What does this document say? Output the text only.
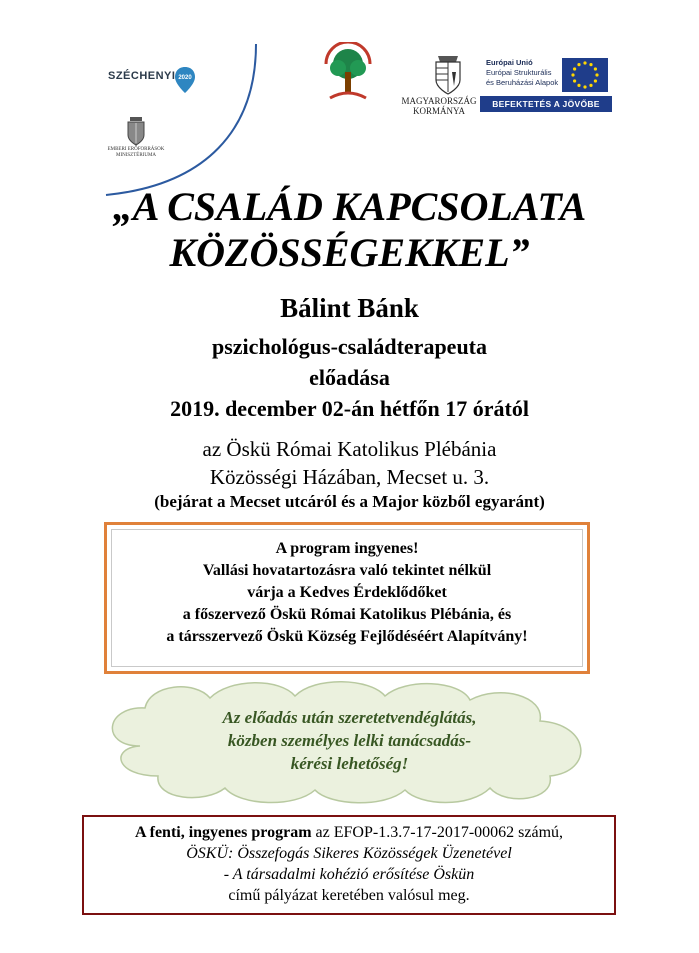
SZÉCHENYI 2020
EMBERI ERŐFORRÁSOK MINISZTÉRIUMA
MAGYARORSZÁG
KORMÁNYA
Európai Unió
Európai Strukturális
és Beruházási Alapok
BEFEKTETÉS A JÖVŐBE
„A CSALÁD KAPCSOLATA
KÖZÖSSÉGEKKEL”
Bálint Bánk
pszichológus-családterapeuta
előadása
2019. december 02-án hétfőn 17 órától
az Öskü Római Katolikus Plébánia
Közösségi Házában, Mecset u. 3.
(bejárat a Mecset utcáról és a Major közből egyaránt)
A program ingyenes!
Vallási hovatartozásra való tekintet nélkül
várja a Kedves Érdeklődőket
a főszervező Öskü Római Katolikus Plébánia, és
a társszervező Öskü Község Fejlődéséért Alapítvány!
Az előadás után szeretetvendéglátás,
közben személyes lelki tanácsadás-
kérési lehetőség!
A fenti, ingyenes program az EFOP-1.3.7-17-2017-00062 számú,
ÖSKÜ: Összefogás Sikeres Közösségek Üzenetével
- A társadalmi kohézió erősítése Öskün
című pályázat keretében valósul meg.
